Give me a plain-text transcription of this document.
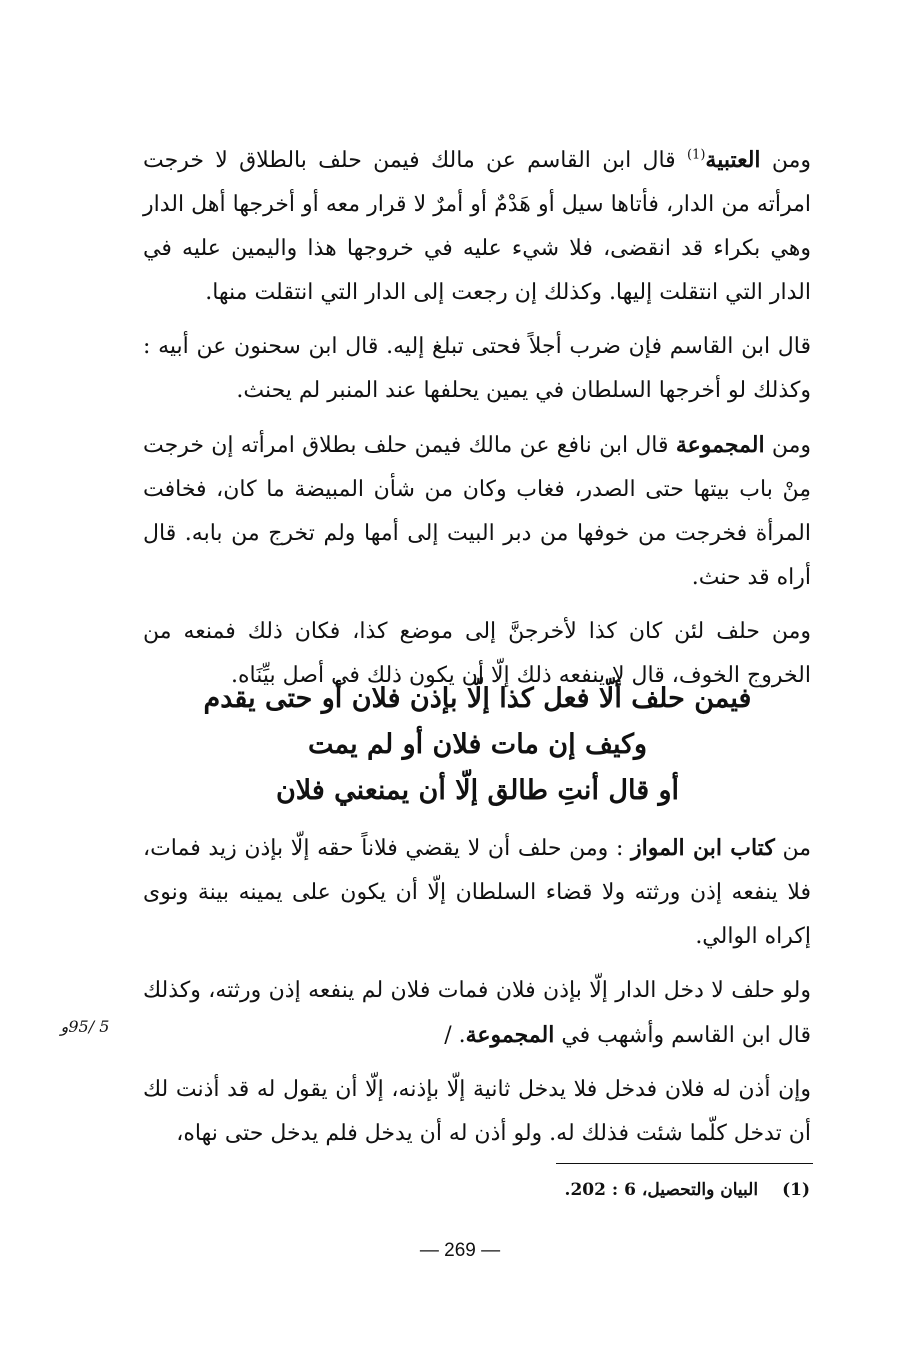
ومن العتبية$^{(1)}$ قال ابن القاسم عن مالك فيمن حلف بالطلاق لا خرجت امرأته من الدار، فأتاها سيل أو هَدْمٌ أو أمرٌ لا قرار معه أو أخرجها أهل الدار وهي بكراء قد انقضى، فلا شيء عليه في خروجها هذا واليمين عليه في الدار التي انتقلت إليها. وكذلك إن رجعت إلى الدار التي انتقلت منها.

قال ابن القاسم فإن ضرب أجلاً فحتى تبلغ إليه. قال ابن سحنون عن أبيه : وكذلك لو أخرجها السلطان في يمين يحلفها عند المنبر لم يحنث.

ومن المجموعة قال ابن نافع عن مالك فيمن حلف بطلاق امرأته إن خرجت مِنْ باب بيتها حتى الصدر، فغاب وكان من شأن المبيضة ما كان، فخافت المرأة فخرجت من خوفها من دبر البيت إلى أمها ولم تخرج من بابه. قال أراه قد حنث.

ومن حلف لئن كان كذا لأخرجنَّ إلى موضع كذا، فكان ذلك فمنعه من الخروج الخوف، قال لا ينفعه ذلك إلّا أن يكون ذلك في أصل بيِّنَاه.

فيمن حلف ألّا فعل كذا إلّا بإذن فلان أو حتى يقدم
وكيف إن مات فلان أو لم يمت
أو قال أنتِ طالق إلّا أن يمنعني فلان

من كتاب ابن المواز : ومن حلف أن لا يقضي فلاناً حقه إلّا بإذن زيد فمات، فلا ينفعه إذن ورثته ولا قضاء السلطان إلّا أن يكون على يمينه بينة ونوى إكراه الوالي.

ولو حلف لا دخل الدار إلّا بإذن فلان فمات فلان لم ينفعه إذن ورثته، وكذلك قال ابن القاسم وأشهب في المجموعة. /

وإن أذن له فلان فدخل فلا يدخل ثانية إلّا بإذنه، إلّا أن يقول له قد أذنت لك أن تدخل كلّما شئت فذلك له. ولو أذن له أن يدخل فلم يدخل حتى نهاه،

5 /95و
(1)البيان والتحصيل، 6 : 202.
— 269 —
